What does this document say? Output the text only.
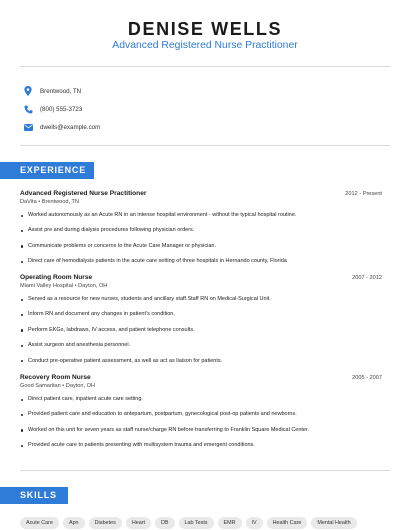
DENISE WELLS
Advanced Registered Nurse Practitioner
Brentwood, TN
(800) 555-3723
dwells@example.com
EXPERIENCE
Advanced Registered Nurse Practitioner	2012 - Present
DaVita • Brentwood, TN
Worked autonomously as an Acute RN in an intense hospital environment - without the typical hospital routine.
Assist pre and during dialysis procedures following physician orders.
Communicate problems or concerns to the Acute Care Manager or physician.
Direct care of hemodialysis patients in the acute care setting of three hospitals in Hernando county, Florida
Operating Room Nurse	2007 - 2012
Miami Valley Hospital • Dayton, OH
Served as a resource for new nurses, students and ancillary staff.Staff RN on Medical-Surgical Unit.
Inform RN and document any changes in patient's condition.
Perform EKGs, labdraws, IV access, and patient telephone consults.
Assist surgeon and anesthesia personnel.
Conduct pre-operative patient assessment, as well as act as liaison for patients.
Recovery Room Nurse	2005 - 2007
Good Samaritan • Dayton, OH
Direct patient care, inpatient acute care setting.
Provided patient care and education to antepartum, postpartum, gynecological post-op patients and newborns.
Worked on this unit for seven years as staff nurse/charge RN before transferring to Franklin Square Medical Center.
Provided acute care to patients presenting with multisystem trauma and emergent conditions.
SKILLS
Acute Care	Apn	Diabetes	Heart	DB	Lab Tests	EMR	IV	Health Care	Mental Health
